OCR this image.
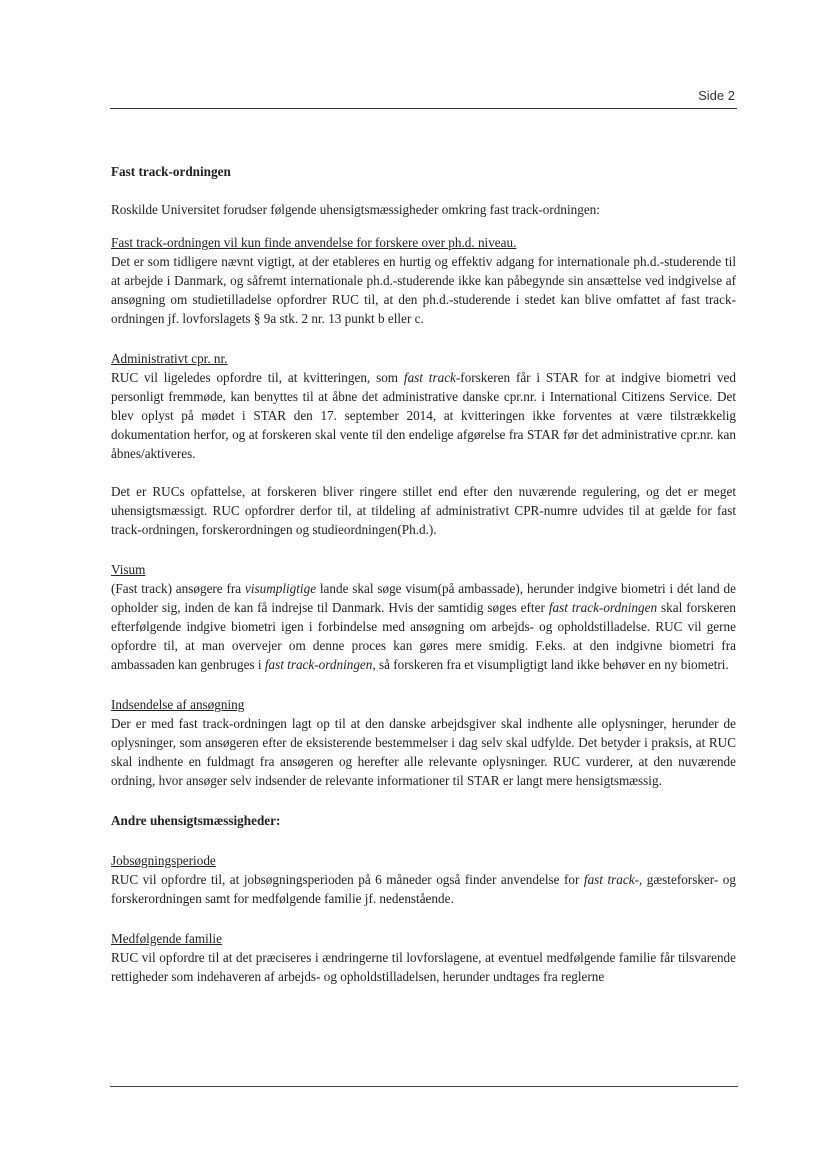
Side 2

Fast track-ordningen

Roskilde Universitet forudser følgende uhensigtsmæssigheder omkring fast track-ordningen:

Fast track-ordningen vil kun finde anvendelse for forskere over ph.d. niveau.

Det er som tidligere nævnt vigtigt, at der etableres en hurtig og effektiv adgang for internationale ph.d.-studerende til at arbejde i Danmark, og såfremt internationale ph.d.-studerende ikke kan påbegynde sin ansættelse ved indgivelse af ansøgning om studietilladelse opfordrer RUC til, at den ph.d.-studerende i stedet kan blive omfattet af fast track-ordningen jf. lovforslagets § 9a stk. 2 nr. 13 punkt b eller c.

Administrativt cpr. nr.

RUC vil ligeledes opfordre til, at kvitteringen, som fast track-forskeren får i STAR for at indgive biometri ved personligt fremmøde, kan benyttes til at åbne det administrative danske cpr.nr. i International Citizens Service. Det blev oplyst på mødet i STAR den 17. september 2014, at kvitteringen ikke forventes at være tilstrækkelig dokumentation herfor, og at forskeren skal vente til den endelige afgørelse fra STAR før det administrative cpr.nr. kan åbnes/aktiveres.

Det er RUCs opfattelse, at forskeren bliver ringere stillet end efter den nuværende regulering, og det er meget uhensigtsmæssigt. RUC opfordrer derfor til, at tildeling af administrativt CPR-numre udvides til at gælde for fast track-ordningen, forskerordningen og studieordningen(Ph.d.).

Visum

(Fast track) ansøgere fra visumpligtige lande skal søge visum(på ambassade), herunder indgive biometri i dét land de opholder sig, inden de kan få indrejse til Danmark. Hvis der samtidig søges efter fast track-ordningen skal forskeren efterfølgende indgive biometri igen i forbindelse med ansøgning om arbejds- og opholdstilladelse. RUC vil gerne opfordre til, at man overvejer om denne proces kan gøres mere smidig. F.eks. at den indgivne biometri fra ambassaden kan genbruges i fast track-ordningen, så forskeren fra et visumpligtigt land ikke behøver en ny biometri.

Indsendelse af ansøgning

Der er med fast track-ordningen lagt op til at den danske arbejdsgiver skal indhente alle oplysninger, herunder de oplysninger, som ansøgeren efter de eksisterende bestemmelser i dag selv skal udfylde. Det betyder i praksis, at RUC skal indhente en fuldmagt fra ansøgeren og herefter alle relevante oplysninger. RUC vurderer, at den nuværende ordning, hvor ansøger selv indsender de relevante informationer til STAR er langt mere hensigtsmæssig.

Andre uhensigtsmæssigheder:

Jobsøgningsperiode

RUC vil opfordre til, at jobsøgningsperioden på 6 måneder også finder anvendelse for fast track-, gæsteforsker- og forskerordningen samt for medfølgende familie jf. nedenstående.

Medfølgende familie

RUC vil opfordre til at det præciseres i ændringerne til lovforslagene, at eventuel medfølgende familie får tilsvarende rettigheder som indehaveren af arbejds- og opholdstilladelsen, herunder undtages fra reglerne
